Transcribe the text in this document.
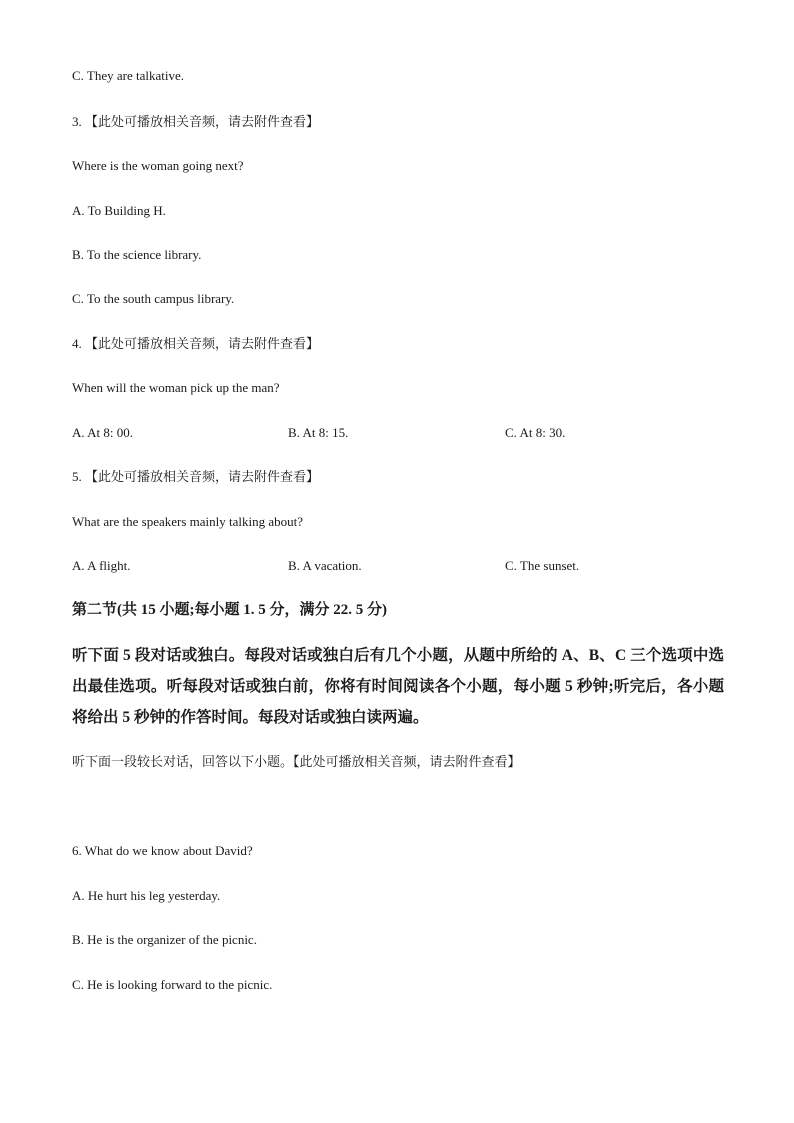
C. They are talkative.
3. 【此处可播放相关音频，请去附件查看】
Where is the woman going next?
A. To Building H.
B. To the science library.
C. To the south campus library.
4. 【此处可播放相关音频，请去附件查看】
When will the woman pick up the man?
A. At 8: 00.	B. At 8: 15.	C. At 8: 30.
5. 【此处可播放相关音频，请去附件查看】
What are the speakers mainly talking about?
A. A flight.	B. A vacation.	C. The sunset.
第二节(共 15 小题;每小题 1. 5 分，满分 22. 5 分)
听下面 5 段对话或独白。每段对话或独白后有几个小题，从题中所给的 A、B、C 三个选项中选出最佳选项。听每段对话或独白前，你将有时间阅读各个小题，每小题 5 秒钟;听完后，各小题将给出 5 秒钟的作答时间。每段对话或独白读两遍。
听下面一段较长对话，回答以下小题。【此处可播放相关音频，请去附件查看】
6. What do we know about David?
A. He hurt his leg yesterday.
B. He is the organizer of the picnic.
C. He is looking forward to the picnic.
